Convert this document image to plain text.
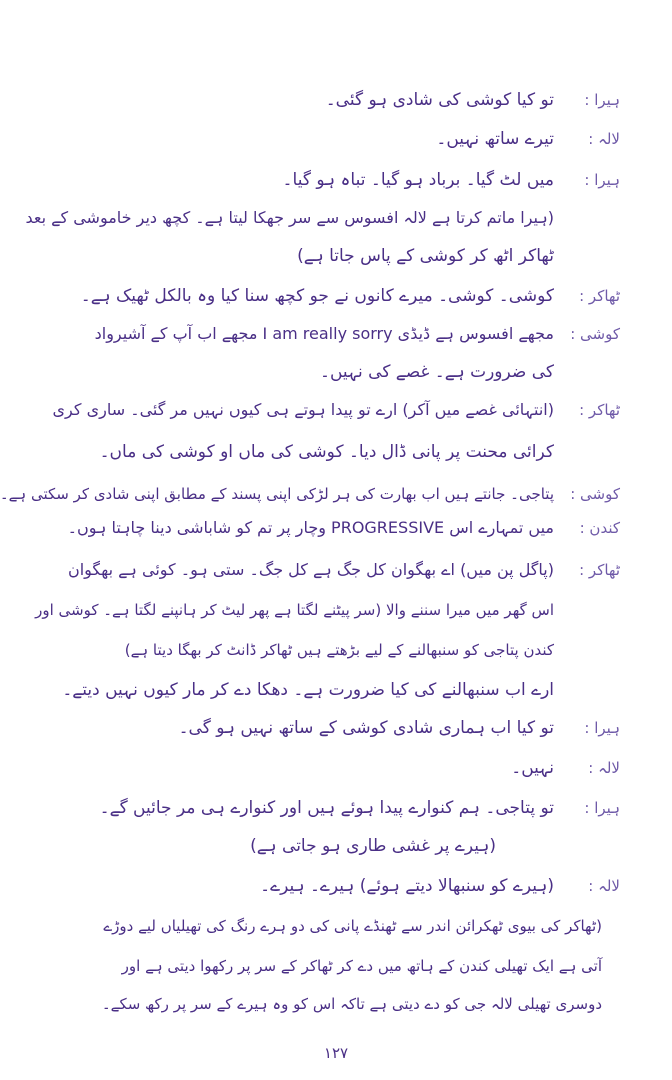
ہیرا :
تو کیا کوشی کی شادی ہو گئی۔
لالہ :
تیرے ساتھ نہیں۔
ہیرا :
میں لٹ گیا۔ برباد ہو گیا۔ تباہ ہو گیا۔
(ہیرا ماتم کرتا ہے لالہ افسوس سے سر جھکا لیتا ہے۔ کچھ دیر خاموشی کے بعد
ٹھاکر اٹھ کر کوشی کے پاس جاتا ہے)
ٹھاکر :
کوشی۔ کوشی۔ میرے کانوں نے جو کچھ سنا کیا وہ بالکل ٹھیک ہے۔
کوشی :
مجھے افسوس ہے ڈیڈی I am really sorry مجھے اب آپ کے آشیرواد
کی ضرورت ہے۔ غصے کی نہیں۔
ٹھاکر :
(انتہائی غصے میں آکر) ارے تو پیدا ہوتے ہی کیوں نہیں مر گئی۔ ساری کری
کرائی محنت پر پانی ڈال دیا۔ کوشی کی ماں او کوشی کی ماں۔
کوشی :
پتاجی۔ جانتے ہیں اب بھارت کی ہر لڑکی اپنی پسند کے مطابق اپنی شادی کر سکتی ہے۔
کندن :
میں تمہارے اس PROGRESSIVE وچار پر تم کو شاباشی دینا چاہتا ہوں۔
ٹھاکر :
(پاگل پن میں) اے بھگوان کل جگ ہے کل جگ۔ ستی ہو۔ کوئی ہے بھگوان
اس گھر میں میرا سننے والا (سر پیٹنے لگتا ہے پھر لیٹ کر ہانپنے لگتا ہے۔ کوشی اور
کندن پتاجی کو سنبھالنے کے لیے بڑھتے ہیں ٹھاکر ڈانٹ کر بھگا دیتا ہے)
ارے اب سنبھالنے کی کیا ضرورت ہے۔ دھکا دے کر مار کیوں نہیں دیتے۔
ہیرا :
تو کیا اب ہماری شادی کوشی کے ساتھ نہیں ہو گی۔
لالہ :
نہیں۔
ہیرا :
تو پتاجی۔ ہم کنوارے پیدا ہوئے ہیں اور کنوارے ہی مر جائیں گے۔
(ہیرے پر غشی طاری ہو جاتی ہے)
لالہ :
(ہیرے کو سنبھالا دیتے ہوئے) ہیرے۔ ہیرے۔
(ٹھاکر کی بیوی ٹھکرائن اندر سے ٹھنڈے پانی کی دو ہرے رنگ کی تھیلیاں لیے دوڑے
آتی ہے ایک تھیلی کندن کے ہاتھ میں دے کر ٹھاکر کے سر پر رکھوا دیتی ہے اور
دوسری تھیلی لالہ جی کو دے دیتی ہے تاکہ اس کو وہ ہیرے کے سر پر رکھ سکے۔
۱۲۷
